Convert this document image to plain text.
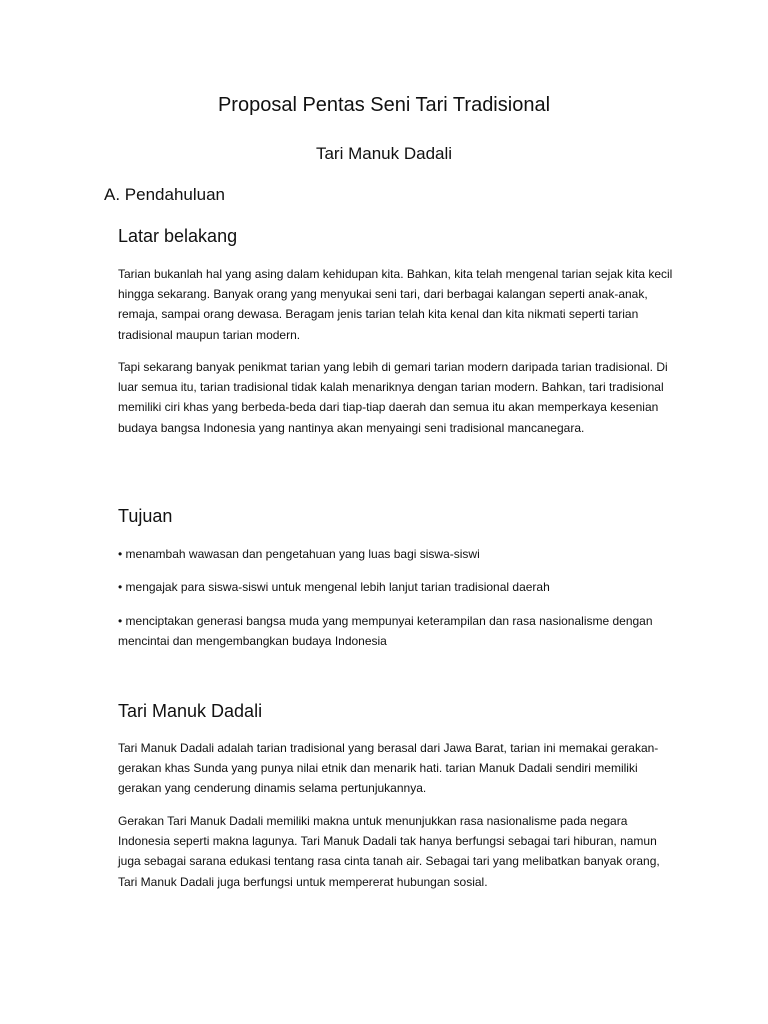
Proposal Pentas Seni Tari Tradisional

Tari Manuk Dadali

A. Pendahuluan

Latar belakang

Tarian bukanlah hal yang asing dalam kehidupan kita. Bahkan, kita telah mengenal tarian sejak kita kecil hingga sekarang. Banyak orang yang menyukai seni tari, dari berbagai kalangan seperti anak-anak, remaja, sampai orang dewasa. Beragam jenis tarian telah kita kenal dan kita nikmati seperti tarian tradisional maupun tarian modern.

Tapi sekarang banyak penikmat tarian yang lebih di gemari tarian modern daripada tarian tradisional. Di luar semua itu, tarian tradisional tidak kalah menariknya dengan tarian modern. Bahkan, tari tradisional memiliki ciri khas yang berbeda-beda dari tiap-tiap daerah dan semua itu akan memperkaya kesenian budaya bangsa Indonesia yang nantinya akan menyaingi seni tradisional mancanegara.

Tujuan

• menambah wawasan dan pengetahuan yang luas bagi siswa-siswi

• mengajak para siswa-siswi untuk mengenal lebih lanjut tarian tradisional daerah

• menciptakan generasi bangsa muda yang mempunyai keterampilan dan rasa nasionalisme dengan mencintai dan mengembangkan budaya Indonesia

Tari Manuk Dadali

Tari Manuk Dadali adalah tarian tradisional yang berasal dari Jawa Barat, tarian ini memakai gerakan-gerakan khas Sunda yang punya nilai etnik dan menarik hati. tarian Manuk Dadali sendiri memiliki gerakan yang cenderung dinamis selama pertunjukannya.

Gerakan Tari Manuk Dadali memiliki makna untuk menunjukkan rasa nasionalisme pada negara Indonesia seperti makna lagunya. Tari Manuk Dadali tak hanya berfungsi sebagai tari hiburan, namun juga sebagai sarana edukasi tentang rasa cinta tanah air. Sebagai tari yang melibatkan banyak orang, Tari Manuk Dadali juga berfungsi untuk mempererat hubungan sosial.
